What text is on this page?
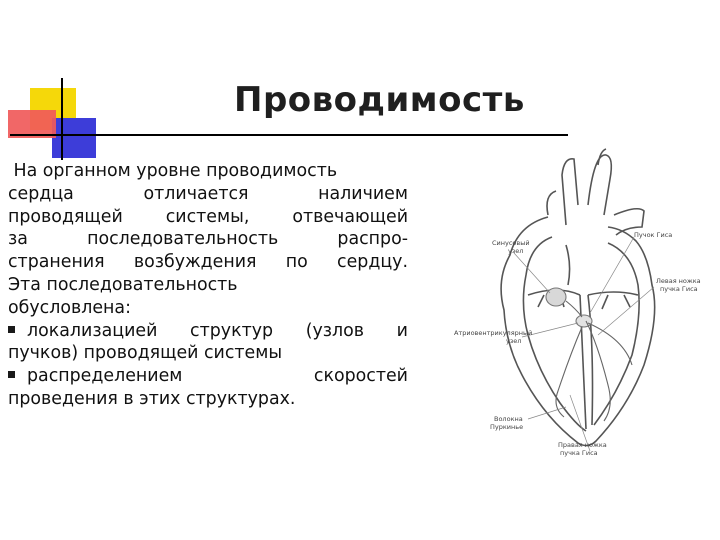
Проводимость
На органном уровне проводимость
сердца отличается наличием
проводящей системы, отвечающей
за последовательность распро-
странения возбуждения по сердцу.
Эта последовательность
обусловлена:
локализацией структур (узлов и
пучков) проводящей системы
распределением скоростей
проведения в этих структурах.
Синусовый узел
Атриовентрикулярный узел
Волокна Пуркинье
Пучок Гиса
Левая ножка пучка Гиса
Правая ножка пучка Гиса
